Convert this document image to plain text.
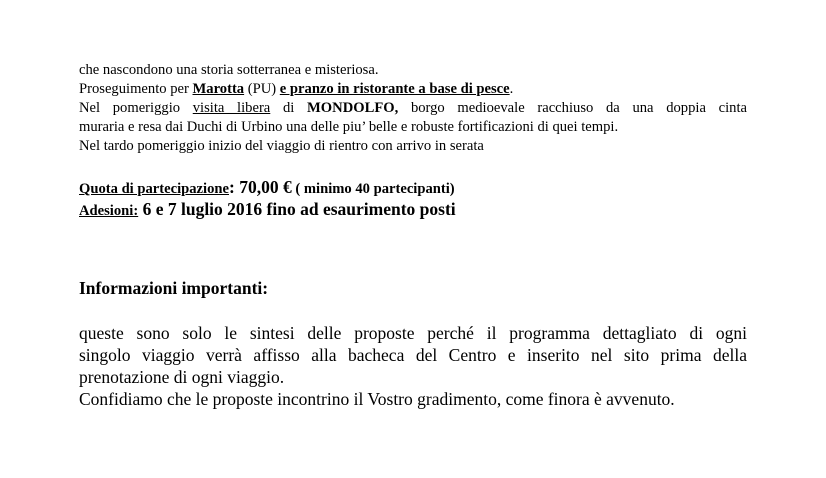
che nascondono una storia sotterranea e misteriosa.
Proseguimento per Marotta (PU) e pranzo in ristorante a base di pesce.
Nel pomeriggio visita libera di MONDOLFO, borgo medioevale racchiuso da una doppia cinta
muraria e resa dai Duchi di Urbino una delle piu’ belle e robuste fortificazioni di quei tempi.
Nel tardo pomeriggio inizio del viaggio di rientro con arrivo in serata
Quota di partecipazione: 70,00 € ( minimo 40 partecipanti)
Adesioni: 6 e 7 luglio 2016 fino ad esaurimento posti
Informazioni importanti:
queste sono solo le sintesi delle proposte perché il programma dettagliato di ogni
singolo viaggio verrà affisso alla bacheca del Centro e inserito nel sito prima della
prenotazione di ogni viaggio.
Confidiamo che le proposte incontrino il Vostro gradimento, come finora è avvenuto.
